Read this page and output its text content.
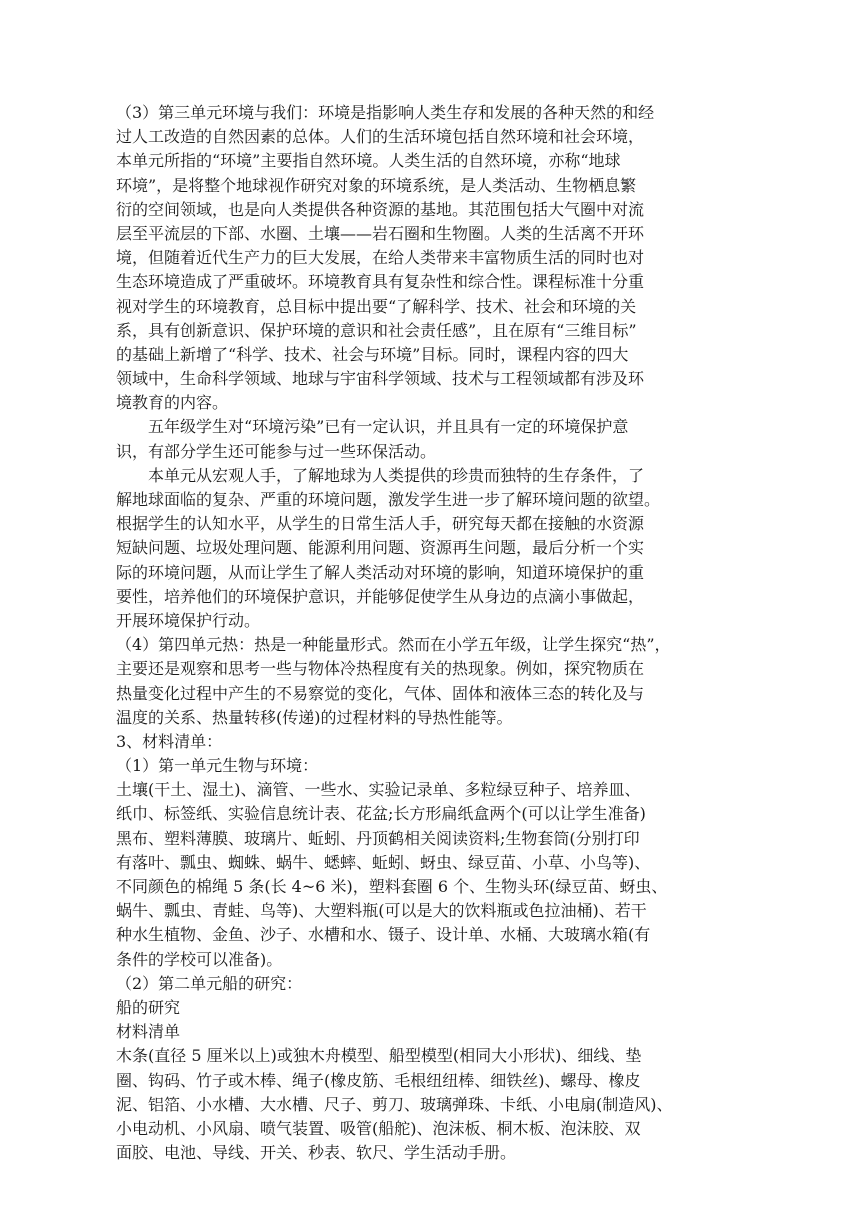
（3）第三单元环境与我们：环境是指影响人类生存和发展的各种天然的和经
过人工改造的自然因素的总体。人们的生活环境包括自然环境和社会环境，
本单元所指的“环境”主要指自然环境。人类生活的自然环境，亦称“地球
环境”，是将整个地球视作研究对象的环境系统，是人类活动、生物栖息繁
衍的空间领域，也是向人类提供各种资源的基地。其范围包括大气圈中对流
层至平流层的下部、水圈、土壤——岩石圈和生物圈。人类的生活离不开环
境，但随着近代生产力的巨大发展，在给人类带来丰富物质生活的同时也对
生态环境造成了严重破坏。环境教育具有复杂性和综合性。课程标准十分重
视对学生的环境教育，总目标中提出要“了解科学、技术、社会和环境的关
系，具有创新意识、保护环境的意识和社会责任感”，且在原有“三维目标”
的基础上新增了“科学、技术、社会与环境”目标。同时，课程内容的四大
领域中，生命科学领域、地球与宇宙科学领域、技术与工程领域都有涉及环
境教育的内容。
　　五年级学生对“环境污染”已有一定认识，并且具有一定的环境保护意
识，有部分学生还可能参与过一些环保活动。
　　本单元从宏观人手，了解地球为人类提供的珍贵而独特的生存条件，了
解地球面临的复杂、严重的环境问题，激发学生进一步了解环境问题的欲望。
根据学生的认知水平，从学生的日常生活人手，研究每天都在接触的水资源
短缺问题、垃圾处理问题、能源利用问题、资源再生问题，最后分析一个实
际的环境问题，从而让学生了解人类活动对环境的影响，知道环境保护的重
要性，培养他们的环境保护意识，并能够促使学生从身边的点滴小事做起，
开展环境保护行动。
（4）第四单元热：热是一种能量形式。然而在小学五年级，让学生探究“热”，
主要还是观察和思考一些与物体冷热程度有关的热现象。例如，探究物质在
热量变化过程中产生的不易察觉的变化，气体、固体和液体三态的转化及与
温度的关系、热量转移(传递)的过程材料的导热性能等。
3、材料清单：
（1）第一单元生物与环境：
土壤(干土、湿土)、滴管、一些水、实验记录单、多粒绿豆种子、培养皿、
纸巾、标签纸、实验信息统计表、花盆;长方形扁纸盒两个(可以让学生准备)
黑布、塑料薄膜、玻璃片、蚯蚓、丹顶鹤相关阅读资料;生物套筒(分别打印
有落叶、瓢虫、蜘蛛、蜗牛、蟋蟀、蚯蚓、蚜虫、绿豆苗、小草、小鸟等)、
不同颜色的棉绳 5 条(长 4~6 米)，塑料套圈 6 个、生物头环(绿豆苗、蚜虫、
蜗牛、瓢虫、青蛙、鸟等)、大塑料瓶(可以是大的饮料瓶或色拉油桶)、若干
种水生植物、金鱼、沙子、水槽和水、镊子、设计单、水桶、大玻璃水箱(有
条件的学校可以准备)。
（2）第二单元船的研究：
船的研究
材料清单
木条(直径 5 厘米以上)或独木舟模型、船型模型(相同大小形状)、细线、垫
圈、钩码、竹子或木棒、绳子(橡皮筋、毛根纽纽棒、细铁丝)、螺母、橡皮
泥、铝箔、小水槽、大水槽、尺子、剪刀、玻璃弹珠、卡纸、小电扇(制造风)、
小电动机、小风扇、喷气装置、吸管(船舵)、泡沫板、桐木板、泡沫胶、双
面胶、电池、导线、开关、秒表、软尺、学生活动手册。
